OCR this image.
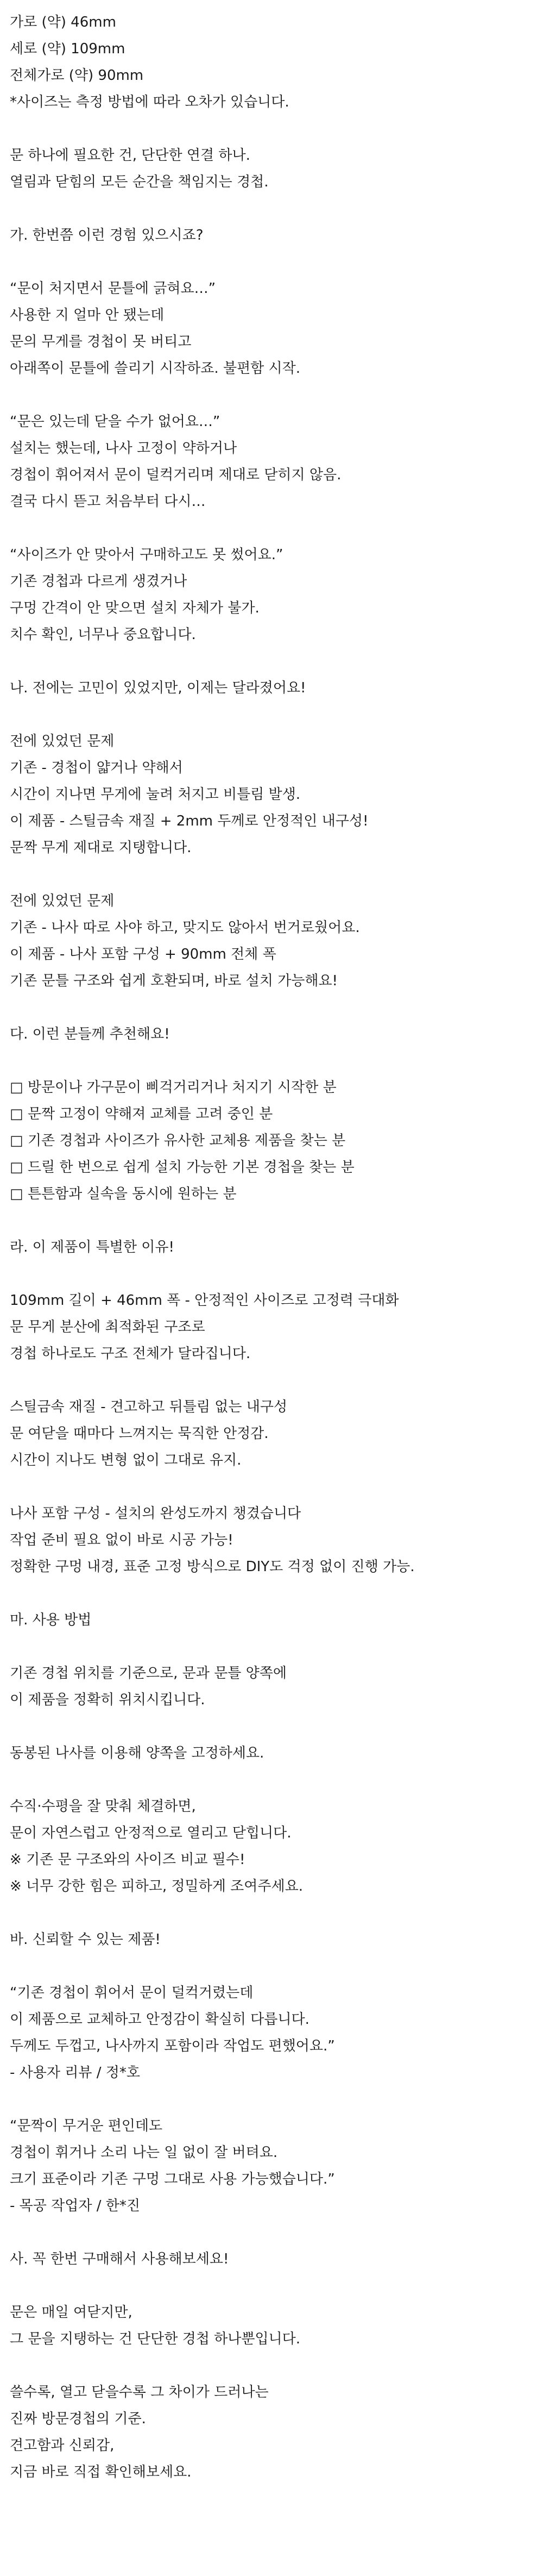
가로 (약) 46mm
세로 (약) 109mm
전체가로 (약) 90mm
*사이즈는 측정 방법에 따라 오차가 있습니다.
문 하나에 필요한 건, 단단한 연결 하나.
열림과 닫힘의 모든 순간을 책임지는 경첩.
가. 한번쯤 이런 경험 있으시죠?
“문이 처지면서 문틀에 긁혀요…”
사용한 지 얼마 안 됐는데
문의 무게를 경첩이 못 버티고
아래쪽이 문틀에 쓸리기 시작하죠. 불편함 시작.
“문은 있는데 닫을 수가 없어요…”
설치는 했는데, 나사 고정이 약하거나
경첩이 휘어져서 문이 덜컥거리며 제대로 닫히지 않음.
결국 다시 뜯고 처음부터 다시…
“사이즈가 안 맞아서 구매하고도 못 썼어요.”
기존 경첩과 다르게 생겼거나
구멍 간격이 안 맞으면 설치 자체가 불가.
치수 확인, 너무나 중요합니다.
나. 전에는 고민이 있었지만, 이제는 달라졌어요!
전에 있었던 문제
기존 - 경첩이 얇거나 약해서
시간이 지나면 무게에 눌려 처지고 비틀림 발생.
이 제품 - 스틸금속 재질 + 2mm 두께로 안정적인 내구성!
문짝 무게 제대로 지탱합니다.
전에 있었던 문제
기존 - 나사 따로 사야 하고, 맞지도 않아서 번거로웠어요.
이 제품 - 나사 포함 구성 + 90mm 전체 폭
기존 문틀 구조와 쉽게 호환되며, 바로 설치 가능해요!
다. 이런 분들께 추천해요!
□ 방문이나 가구문이 삐걱거리거나 처지기 시작한 분
□ 문짝 고정이 약해져 교체를 고려 중인 분
□ 기존 경첩과 사이즈가 유사한 교체용 제품을 찾는 분
□ 드릴 한 번으로 쉽게 설치 가능한 기본 경첩을 찾는 분
□ 튼튼함과 실속을 동시에 원하는 분
라. 이 제품이 특별한 이유!
109mm 길이 + 46mm 폭 - 안정적인 사이즈로 고정력 극대화
문 무게 분산에 최적화된 구조로
경첩 하나로도 구조 전체가 달라집니다.
스틸금속 재질 - 견고하고 뒤틀림 없는 내구성
문 여닫을 때마다 느껴지는 묵직한 안정감.
시간이 지나도 변형 없이 그대로 유지.
나사 포함 구성 - 설치의 완성도까지 챙겼습니다
작업 준비 필요 없이 바로 시공 가능!
정확한 구멍 내경, 표준 고정 방식으로 DIY도 걱정 없이 진행 가능.
마. 사용 방법
기존 경첩 위치를 기준으로, 문과 문틀 양쪽에
이 제품을 정확히 위치시킵니다.
동봉된 나사를 이용해 양쪽을 고정하세요.
수직·수평을 잘 맞춰 체결하면,
문이 자연스럽고 안정적으로 열리고 닫힙니다.
※ 기존 문 구조와의 사이즈 비교 필수!
※ 너무 강한 힘은 피하고, 정밀하게 조여주세요.
바. 신뢰할 수 있는 제품!
“기존 경첩이 휘어서 문이 덜컥거렸는데
이 제품으로 교체하고 안정감이 확실히 다릅니다.
두께도 두껍고, 나사까지 포함이라 작업도 편했어요.”
- 사용자 리뷰 / 정*호
“문짝이 무거운 편인데도
경첩이 휘거나 소리 나는 일 없이 잘 버텨요.
크기 표준이라 기존 구멍 그대로 사용 가능했습니다.”
- 목공 작업자 / 한*진
사. 꼭 한번 구매해서 사용해보세요!
문은 매일 여닫지만,
그 문을 지탱하는 건 단단한 경첩 하나뿐입니다.
쓸수록, 열고 닫을수록 그 차이가 드러나는
진짜 방문경첩의 기준.
견고함과 신뢰감,
지금 바로 직접 확인해보세요.
